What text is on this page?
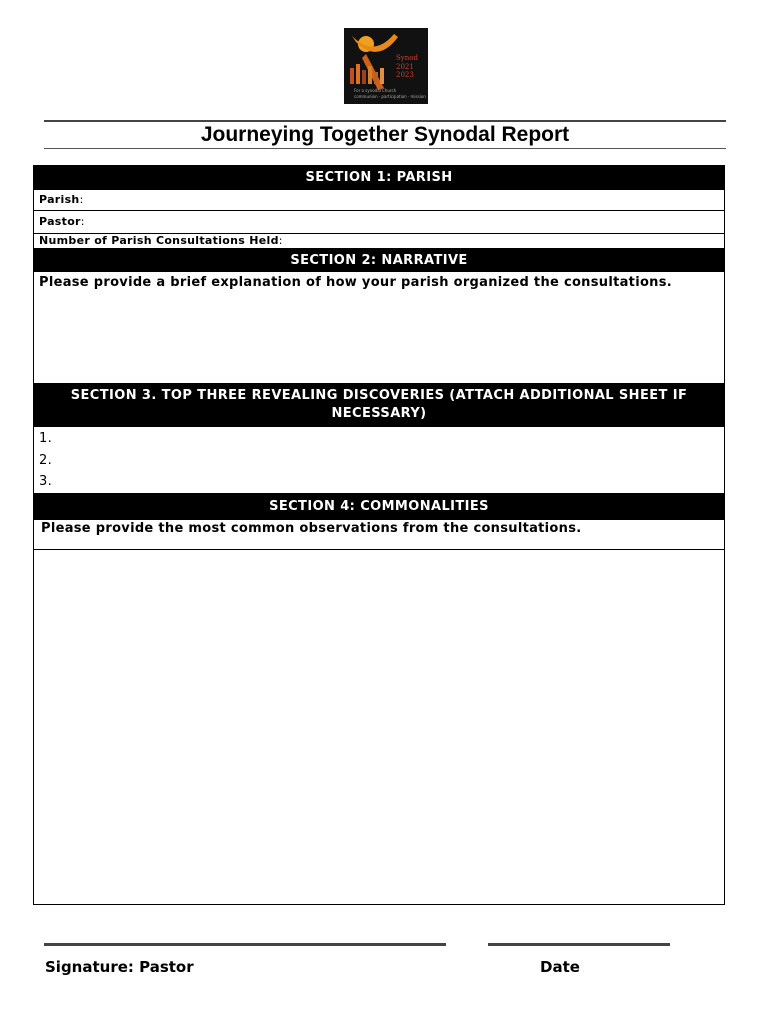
Synod
2021
2023
For a synodal Church
communion · participation · mission
Journeying Together Synodal Report
SECTION 1: PARISH
Parish:
Pastor:
Number of Parish Consultations Held:
SECTION 2: NARRATIVE
Please provide a brief explanation of how your parish organized the consultations.
SECTION 3. TOP THREE REVEALING DISCOVERIES (ATTACH ADDITIONAL SHEET IF NECESSARY)
1.
2.
3.
SECTION 4: COMMONALITIES
Please provide the most common observations from the consultations.
Signature: Pastor	Date
